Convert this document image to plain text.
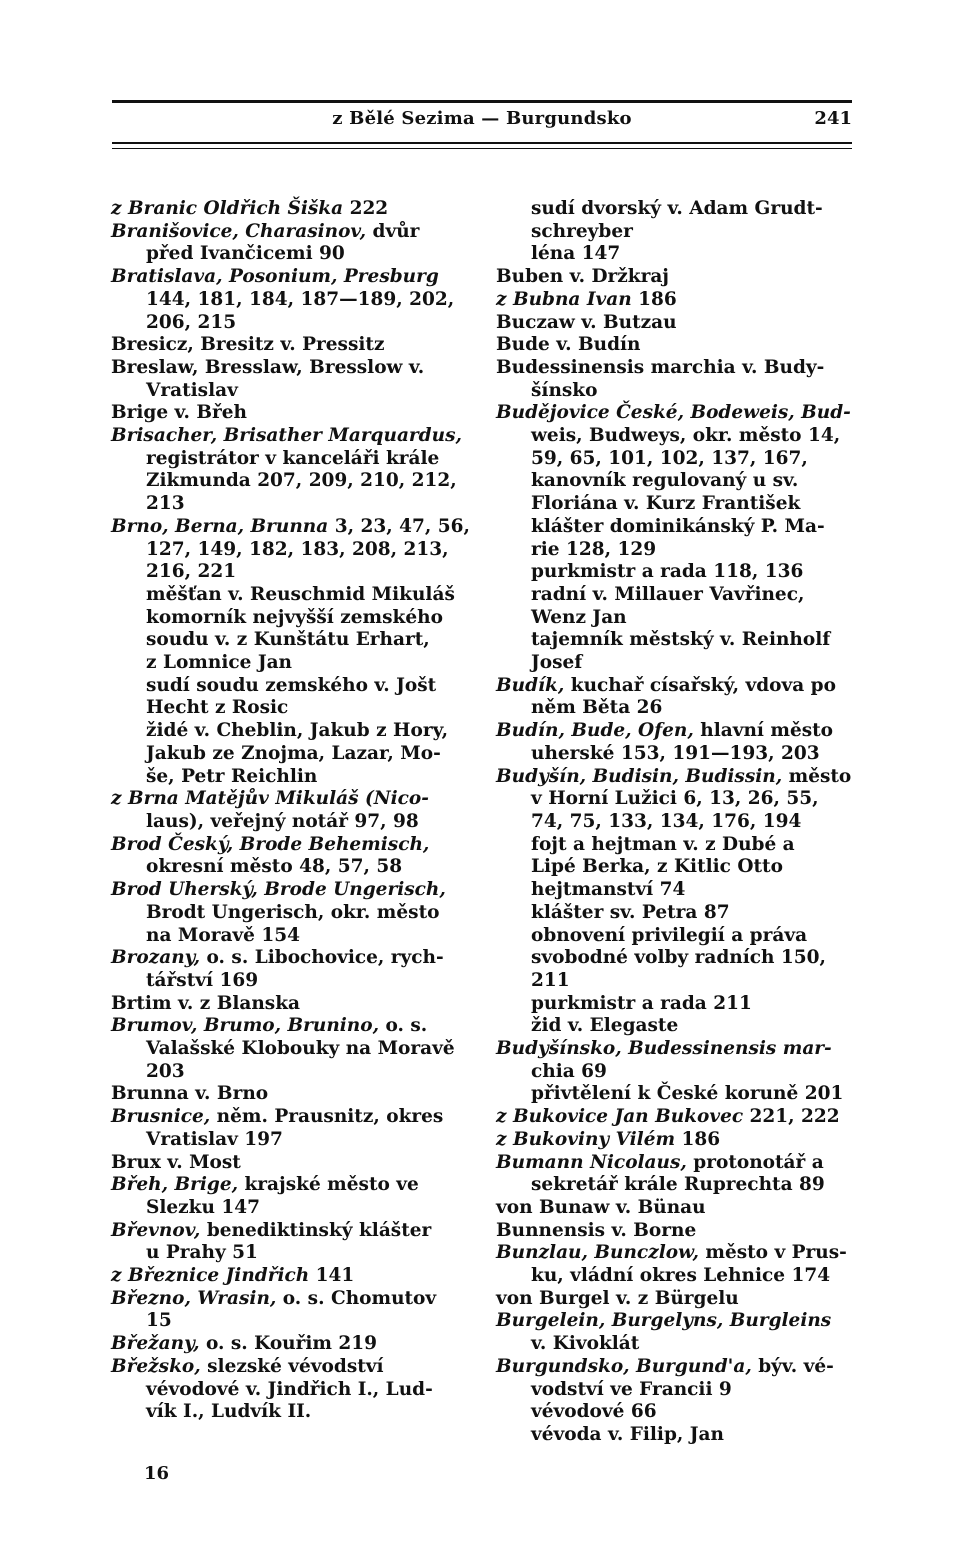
z Bělé Sezima — Burgundsko	241
z Branic Oldřich Šiška 222
Branišovice, Charasinov, dvůr
před Ivančicemi 90
Bratislava, Posonium, Presburg
144, 181, 184, 187—189, 202,
206, 215
Bresicz, Bresitz v. Pressitz
Breslaw, Bresslaw, Bresslow v.
Vratislav
Brige v. Břeh
Brisacher, Brisather Marquardus,
registrátor v kanceláři krále
Zikmunda 207, 209, 210, 212,
213
Brno, Berna, Brunna 3, 23, 47, 56,
127, 149, 182, 183, 208, 213,
216, 221
měšťan v. Reuschmid Mikuláš
komorník nejvyšší zemského
soudu v. z Kunštátu Erhart,
z Lomnice Jan
sudí soudu zemského v. Jošt
Hecht z Rosic
židé v. Cheblin, Jakub z Hory,
Jakub ze Znojma, Lazar, Mo-
še, Petr Reichlin
z Brna Matějův Mikuláš (Nico-
laus), veřejný notář 97, 98
Brod Český, Brode Behemisch,
okresní město 48, 57, 58
Brod Uherský, Brode Ungerisch,
Brodt Ungerisch, okr. město
na Moravě 154
Brozany, o. s. Libochovice, rych-
tářství 169
Brtim v. z Blanska
Brumov, Brumo, Brunino, o. s.
Valašské Klobouky na Moravě
203
Brunna v. Brno
Brusnice, něm. Prausnitz, okres
Vratislav 197
Brux v. Most
Břeh, Brige, krajské město ve
Slezku 147
Břevnov, benediktinský klášter
u Prahy 51
z Březnice Jindřich 141
Březno, Wrasin, o. s. Chomutov
15
Břežany, o. s. Kouřim 219
Břežsko, slezské vévodství
vévodové v. Jindřich I., Lud-
vík I., Ludvík II.
sudí dvorský v. Adam Grudt-
schreyber
léna 147
Buben v. Držkraj
z Bubna Ivan 186
Buczaw v. Butzau
Bude v. Budín
Budessinensis marchia v. Budy-
šínsko
Budějovice České, Bodeweis, Bud-
weis, Budweys, okr. město 14,
59, 65, 101, 102, 137, 167,
kanovník regulovaný u sv.
Floriána v. Kurz František
klášter dominikánský P. Ma-
rie 128, 129
purkmistr a rada 118, 136
radní v. Millauer Vavřinec,
Wenz Jan
tajemník městský v. Reinholf
Josef
Budík, kuchař císařský, vdova po
něm Běta 26
Budín, Bude, Ofen, hlavní město
uherské 153, 191—193, 203
Budyšín, Budisin, Budissin, město
v Horní Lužici 6, 13, 26, 55,
74, 75, 133, 134, 176, 194
fojt a hejtman v. z Dubé a
Lipé Berka, z Kitlic Otto
hejtmanství 74
klášter sv. Petra 87
obnovení privilegií a práva
svobodné volby radních 150,
211
purkmistr a rada 211
žid v. Elegaste
Budyšínsko, Budessinensis mar-
chia 69
přivtělení k České koruně 201
z Bukovice Jan Bukovec 221, 222
z Bukoviny Vilém 186
Bumann Nicolaus, protonotář a
sekretář krále Ruprechta 89
von Bunaw v. Bünau
Bunnensis v. Borne
Bunzlau, Bunczlow, město v Prus-
ku, vládní okres Lehnice 174
von Burgel v. z Bürgelu
Burgelein, Burgelyns, Burgleins
v. Kivoklát
Burgundsko, Burgund'a, býv. vé-
vodství ve Francii 9
vévodové 66
vévoda v. Filip, Jan
16
